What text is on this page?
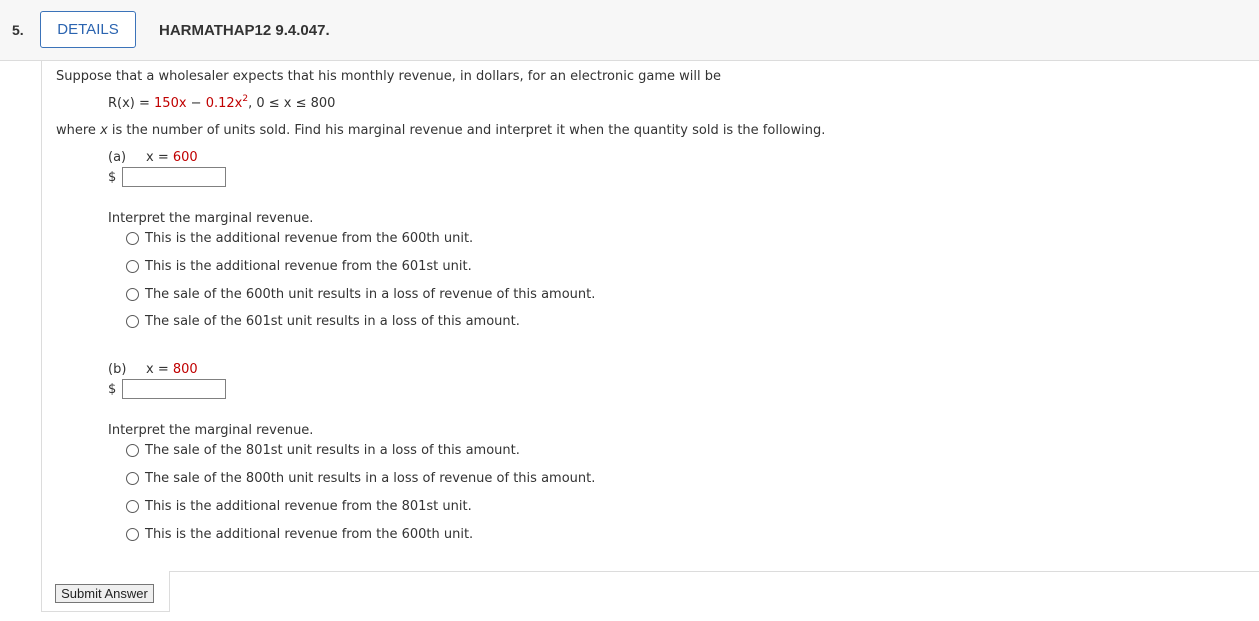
5.	DETAILS	HARMATHAP12 9.4.047.
Suppose that a wholesaler expects that his monthly revenue, in dollars, for an electronic game will be
$R(x) = 150x - 0.12x^2$, 0 ≤ x ≤ 800
where x is the number of units sold. Find his marginal revenue and interpret it when the quantity sold is the following.
(a) x = 600
$
Interpret the marginal revenue.
This is the additional revenue from the 600th unit.
This is the additional revenue from the 601st unit.
The sale of the 600th unit results in a loss of revenue of this amount.
The sale of the 601st unit results in a loss of this amount.
(b) x = 800
$
Interpret the marginal revenue.
The sale of the 801st unit results in a loss of this amount.
The sale of the 800th unit results in a loss of revenue of this amount.
This is the additional revenue from the 801st unit.
This is the additional revenue from the 600th unit.
Submit Answer
